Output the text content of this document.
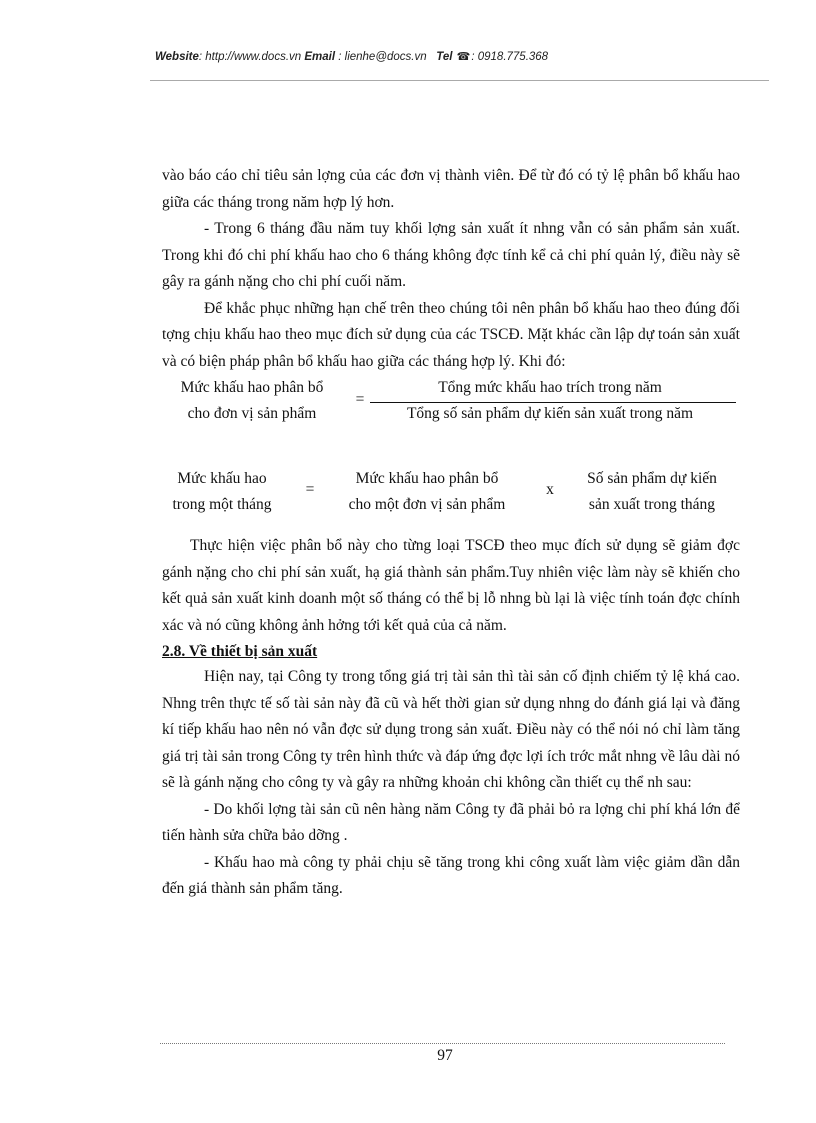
Website: http://www.docs.vn Email : lienhe@docs.vn Tel ☎: 0918.775.368

vào báo cáo chỉ tiêu sản lợng của các đơn vị thành viên. Để từ đó có tỷ lệ phân bổ khấu hao giữa các tháng trong năm hợp lý hơn.

- Trong 6 tháng đầu năm tuy khối lợng sản xuất ít nhng vẫn có sản phẩm sản xuất. Trong khi đó chi phí khấu hao cho 6 tháng không đợc tính kể cả chi phí quản lý, điều này sẽ gây ra gánh nặng cho chi phí cuối năm.

Để khắc phục những hạn chế trên theo chúng tôi nên phân bổ khấu hao theo đúng đối tợng chịu khấu hao theo mục đích sử dụng của các TSCĐ. Mặt khác cần lập dự toán sản xuất và có biện pháp phân bổ khấu hao giữa các tháng hợp lý. Khi đó:

Mức khấu hao phân bổ
cho đơn vị sản phẩm
=
Tổng mức khấu hao trích trong năm
Tổng số sản phẩm dự kiến sản xuất trong năm
Mức khấu hao
trong một tháng
=
Mức khấu hao phân bổ
cho một đơn vị sản phẩm
x
Số sản phẩm dự kiến
sản xuất trong tháng

Thực hiện việc phân bổ này cho từng loại TSCĐ theo mục đích sử dụng sẽ giảm đợc gánh nặng cho chi phí sản xuất, hạ giá thành sản phẩm.Tuy nhiên việc làm này sẽ khiến cho kết quả sản xuất kinh doanh một số tháng có thể bị lỗ nhng bù lại là việc tính toán đợc chính xác và nó cũng không ảnh hởng tới kết quả của cả năm.

2.8. Về thiết bị sản xuất

Hiện nay, tại Công ty trong tổng giá trị tài sản thì tài sản cố định chiếm tỷ lệ khá cao. Nhng trên thực tế số tài sản này đã cũ và hết thời gian sử dụng nhng do đánh giá lại và đăng kí tiếp khấu hao nên nó vẫn đợc sử dụng trong sản xuất. Điều này có thể nói nó chỉ làm tăng giá trị tài sản trong Công ty trên hình thức và đáp ứng đợc lợi ích trớc mắt nhng về lâu dài nó sẽ là gánh nặng cho công ty và gây ra những khoản chi không cần thiết cụ thể nh sau:

- Do khối lợng tài sản cũ nên hàng năm Công ty đã phải bỏ ra lợng chi phí khá lớn để tiến hành sửa chữa bảo dỡng .

- Khấu hao mà công ty phải chịu sẽ tăng trong khi công xuất làm việc giảm dần dẫn đến giá thành sản phẩm tăng.

97
